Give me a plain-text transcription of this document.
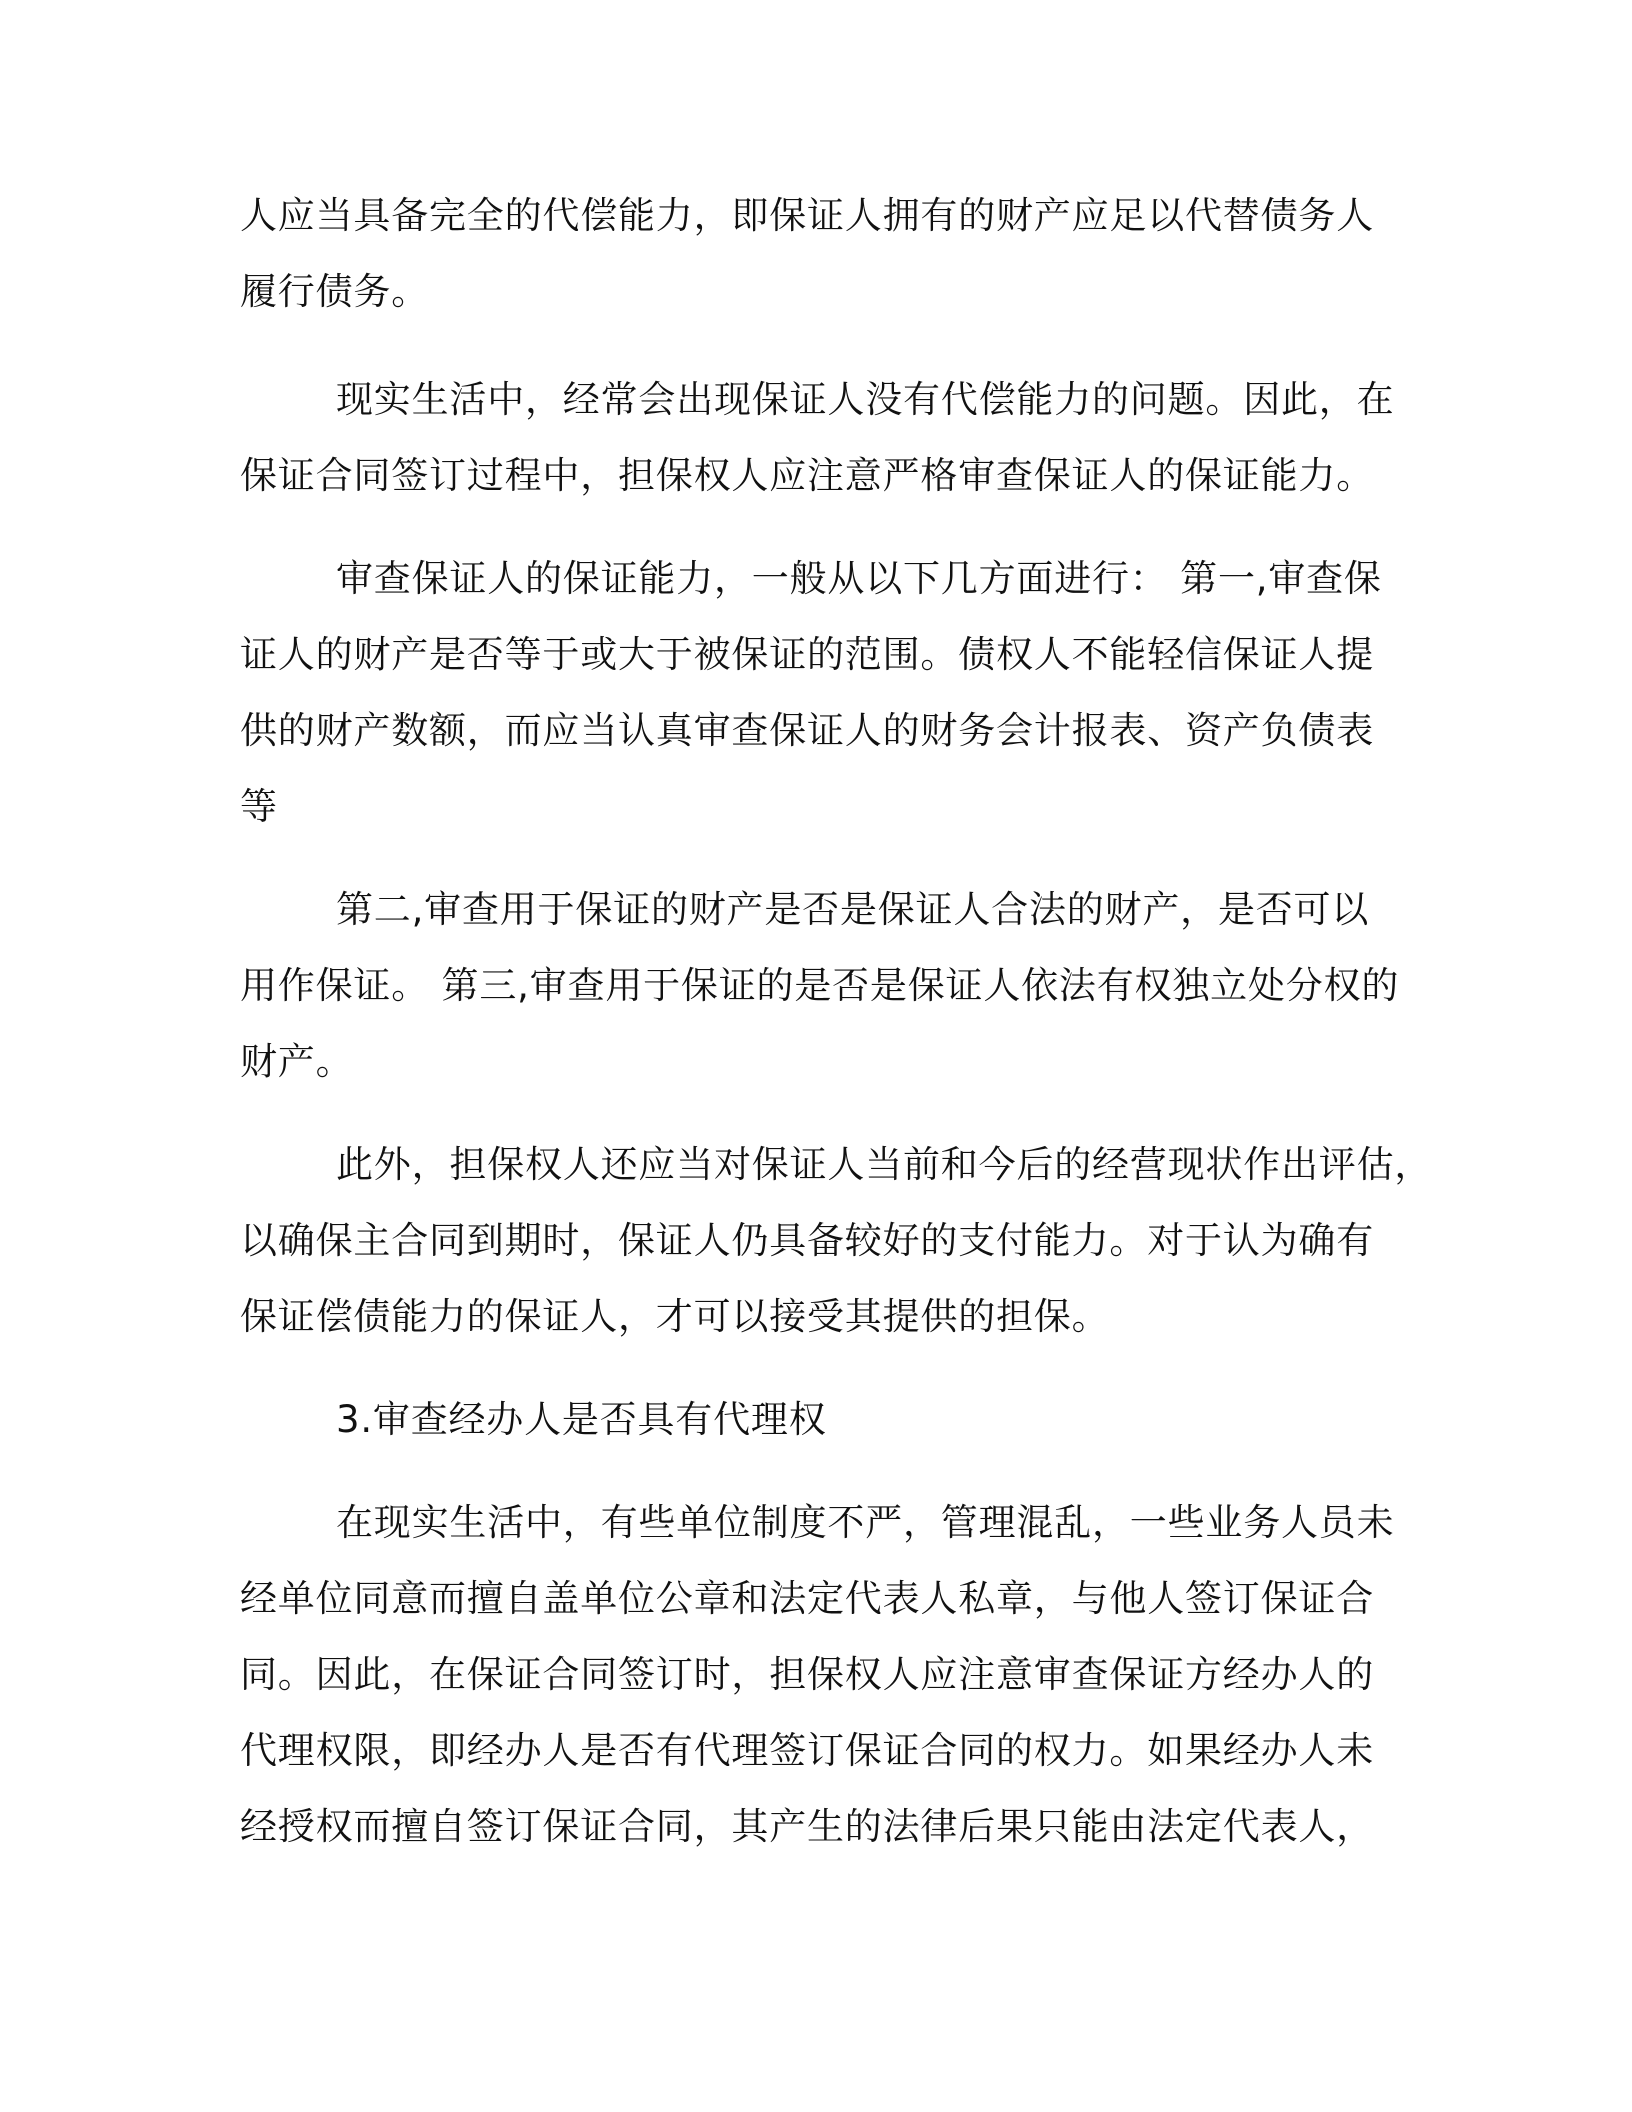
人应当具备完全的代偿能力，即保证人拥有的财产应足以代替债务人
履行债务。
现实生活中，经常会出现保证人没有代偿能力的问题。因此，在
保证合同签订过程中，担保权人应注意严格审查保证人的保证能力。
审查保证人的保证能力，一般从以下几方面进行： 第一,审查保
证人的财产是否等于或大于被保证的范围。债权人不能轻信保证人提
供的财产数额，而应当认真审查保证人的财务会计报表、资产负债表
等
第二,审查用于保证的财产是否是保证人合法的财产，是否可以
用作保证。 第三,审查用于保证的是否是保证人依法有权独立处分权的
财产。
此外，担保权人还应当对保证人当前和今后的经营现状作出评估，
以确保主合同到期时，保证人仍具备较好的支付能力。对于认为确有
保证偿债能力的保证人，才可以接受其提供的担保。
3.审查经办人是否具有代理权
在现实生活中，有些单位制度不严，管理混乱，一些业务人员未
经单位同意而擅自盖单位公章和法定代表人私章，与他人签订保证合
同。因此，在保证合同签订时，担保权人应注意审查保证方经办人的
代理权限，即经办人是否有代理签订保证合同的权力。如果经办人未
经授权而擅自签订保证合同，其产生的法律后果只能由法定代表人，
